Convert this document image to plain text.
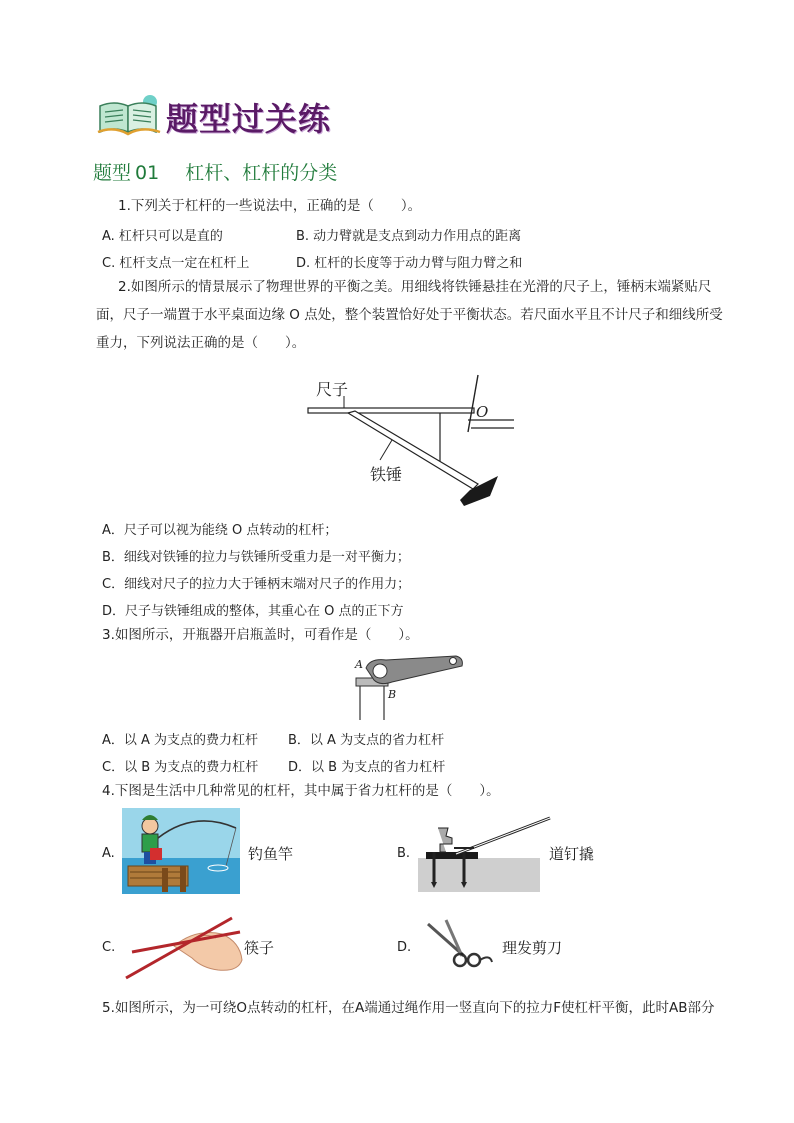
题型过关练
题型 01 杠杆、杠杆的分类
1.下列关于杠杆的一些说法中，正确的是（　　）。
A. 杠杆只可以是直的	B. 动力臂就是支点到动力作用点的距离
C. 杠杆支点一定在杠杆上	D. 杠杆的长度等于动力臂与阻力臂之和
2.如图所示的情景展示了物理世界的平衡之美。用细线将铁锤悬挂在光滑的尺子上，锤柄末端紧贴尺
面，尺子一端置于水平桌面边缘 O 点处，整个装置恰好处于平衡状态。若尺面水平且不计尺子和细线所受
重力，下列说法正确的是（　　）。
尺子
O
铁锤
A．尺子可以视为能绕 O 点转动的杠杆；
B．细线对铁锤的拉力与铁锤所受重力是一对平衡力；
C．细线对尺子的拉力大于锤柄末端对尺子的作用力；
D．尺子与铁锤组成的整体，其重心在 O 点的正下方
3.如图所示，开瓶器开启瓶盖时，可看作是（　　）。
A
B
A．以 A 为支点的费力杠杆 B．以 A 为支点的省力杠杆
C．以 B 为支点的费力杠杆 D．以 B 为支点的省力杠杆
4.下图是生活中几种常见的杠杆，其中属于省力杠杆的是（　　）。
A.	钓鱼竿	B.	道钉撬
C.	筷子	D.	理发剪刀
5.如图所示，为一可绕O点转动的杠杆，在A端通过绳作用一竖直向下的拉力F使杠杆平衡，此时AB部分
